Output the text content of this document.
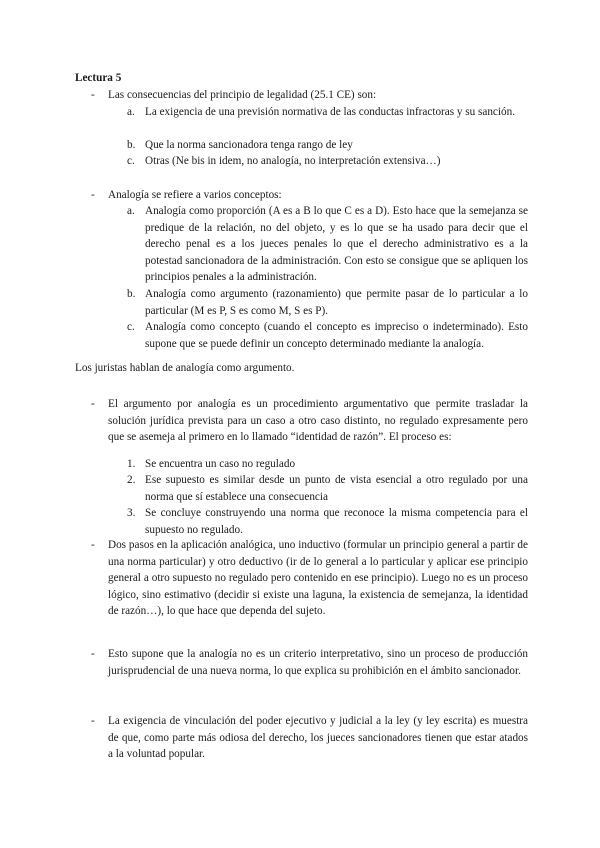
Lectura 5
-	Las consecuencias del principio de legalidad (25.1 CE) son:
a. La exigencia de una previsión normativa de las conductas infractoras y su sanción.
b. Que la norma sancionadora tenga rango de ley
c. Otras (Ne bis in idem, no analogía, no interpretación extensiva…)
-	Analogía se refiere a varios conceptos:
a. Analogía como proporción (A es a B lo que C es a D). Esto hace que la semejanza se predique de la relación, no del objeto, y es lo que se ha usado para decir que el derecho penal es a los jueces penales lo que el derecho administrativo es a la potestad sancionadora de la administración. Con esto se consigue que se apliquen los principios penales a la administración.
b. Analogía como argumento (razonamiento) que permite pasar de lo particular a lo particular (M es P, S es como M, S es P).
c. Analogía como concepto (cuando el concepto es impreciso o indeterminado). Esto supone que se puede definir un concepto determinado mediante la analogía.
Los juristas hablan de analogía como argumento.
-	El argumento por analogía es un procedimiento argumentativo que permite trasladar la solución jurídica prevista para un caso a otro caso distinto, no regulado expresamente pero que se asemeja al primero en lo llamado “identidad de razón”. El proceso es:
1. Se encuentra un caso no regulado
2. Ese supuesto es similar desde un punto de vista esencial a otro regulado por una norma que sí establece una consecuencia
3. Se concluye construyendo una norma que reconoce la misma competencia para el supuesto no regulado.
-	Dos pasos en la aplicación analógica, uno inductivo (formular un principio general a partir de una norma particular) y otro deductivo (ir de lo general a lo particular y aplicar ese principio general a otro supuesto no regulado pero contenido en ese principio). Luego no es un proceso lógico, sino estimativo (decidir si existe una laguna, la existencia de semejanza, la identidad de razón…), lo que hace que dependa del sujeto.
-	Esto supone que la analogía no es un criterio interpretativo, sino un proceso de producción jurisprudencial de una nueva norma, lo que explica su prohibición en el ámbito sancionador.
-	La exigencia de vinculación del poder ejecutivo y judicial a la ley (y ley escrita) es muestra de que, como parte más odiosa del derecho, los jueces sancionadores tienen que estar atados a la voluntad popular.
